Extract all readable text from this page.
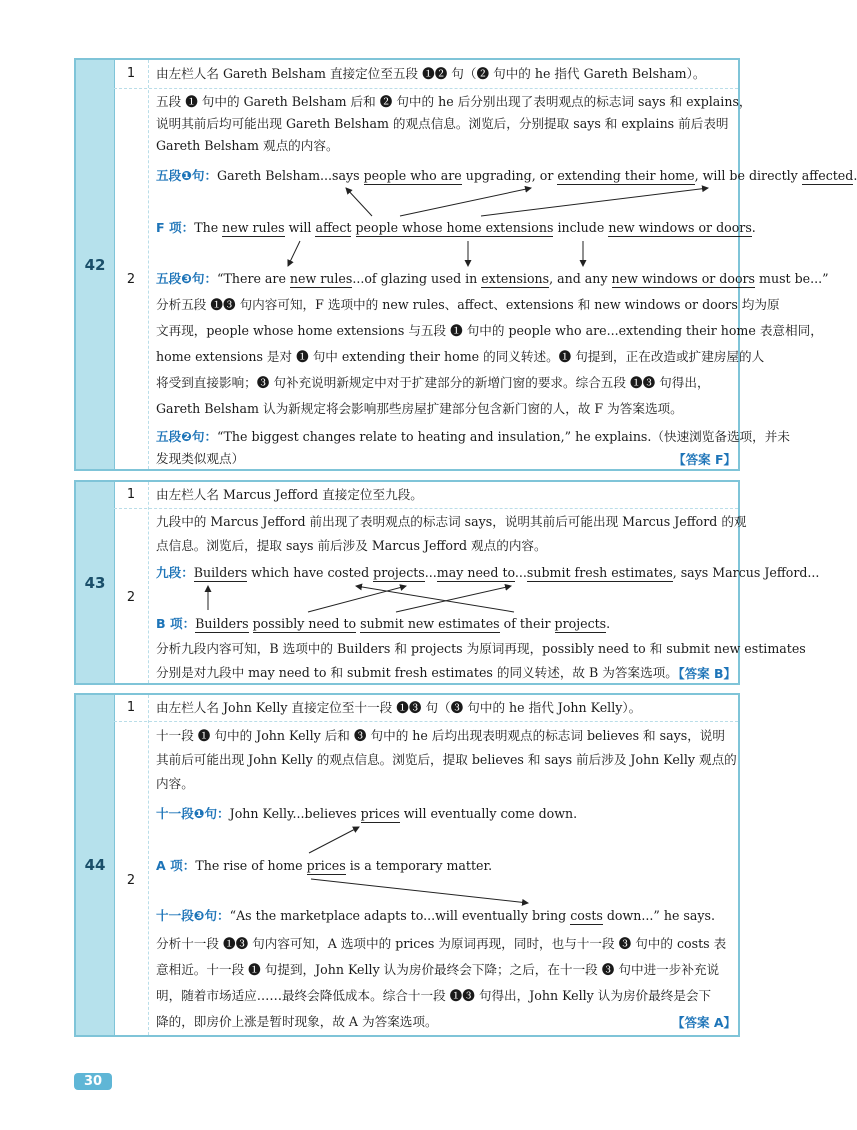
42
1
2
由左栏人名 Gareth Belsham 直接定位至五段 ❶❷ 句（❷ 句中的 he 指代 Gareth Belsham）。
五段 ❶ 句中的 Gareth Belsham 后和 ❷ 句中的 he 后分别出现了表明观点的标志词 says 和 explains，
说明其前后均可能出现 Gareth Belsham 的观点信息。浏览后，分别提取 says 和 explains 前后表明
Gareth Belsham 观点的内容。
五段❶句：Gareth Belsham...says people who are upgrading, or extending their home, will be directly affected.
F 项：The new rules will affect people whose home extensions include new windows or doors.
五段❸句：“There are new rules...of glazing used in extensions, and any new windows or doors must be...”
分析五段 ❶❸ 句内容可知，F 选项中的 new rules、affect、extensions 和 new windows or doors 均为原
文再现，people whose home extensions 与五段 ❶ 句中的 people who are...extending their home 表意相同，
home extensions 是对 ❶ 句中 extending their home 的同义转述。❶ 句提到，正在改造或扩建房屋的人
将受到直接影响；❸ 句补充说明新规定中对于扩建部分的新增门窗的要求。综合五段 ❶❸ 句得出，
Gareth Belsham 认为新规定将会影响那些房屋扩建部分包含新门窗的人，故 F 为答案选项。
五段❷句：“The biggest changes relate to heating and insulation,” he explains.（快速浏览备选项，并未
发现类似观点）	【答案 F】
43
1
2
由左栏人名 Marcus Jefford 直接定位至九段。
九段中的 Marcus Jefford 前出现了表明观点的标志词 says，说明其前后可能出现 Marcus Jefford 的观
点信息。浏览后，提取 says 前后涉及 Marcus Jefford 观点的内容。
九段：Builders which have costed projects...may need to...submit fresh estimates, says Marcus Jefford...
B 项：Builders possibly need to submit new estimates of their projects.
分析九段内容可知，B 选项中的 Builders 和 projects 为原词再现，possibly need to 和 submit new estimates
分别是对九段中 may need to 和 submit fresh estimates 的同义转述，故 B 为答案选项。
【答案 B】
44
1
2
由左栏人名 John Kelly 直接定位至十一段 ❶❸ 句（❸ 句中的 he 指代 John Kelly）。
十一段 ❶ 句中的 John Kelly 后和 ❸ 句中的 he 后均出现表明观点的标志词 believes 和 says，说明
其前后可能出现 John Kelly 的观点信息。浏览后，提取 believes 和 says 前后涉及 John Kelly 观点的
内容。
十一段❶句：John Kelly...believes prices will eventually come down.
A 项：The rise of home prices is a temporary matter.
十一段❸句：“As the marketplace adapts to...will eventually bring costs down...” he says.
分析十一段 ❶❸ 句内容可知，A 选项中的 prices 为原词再现，同时，也与十一段 ❸ 句中的 costs 表
意相近。十一段 ❶ 句提到，John Kelly 认为房价最终会下降；之后，在十一段 ❸ 句中进一步补充说
明，随着市场适应……最终会降低成本。综合十一段 ❶❸ 句得出，John Kelly 认为房价最终是会下
降的，即房价上涨是暂时现象，故 A 为答案选项。	【答案 A】
30
